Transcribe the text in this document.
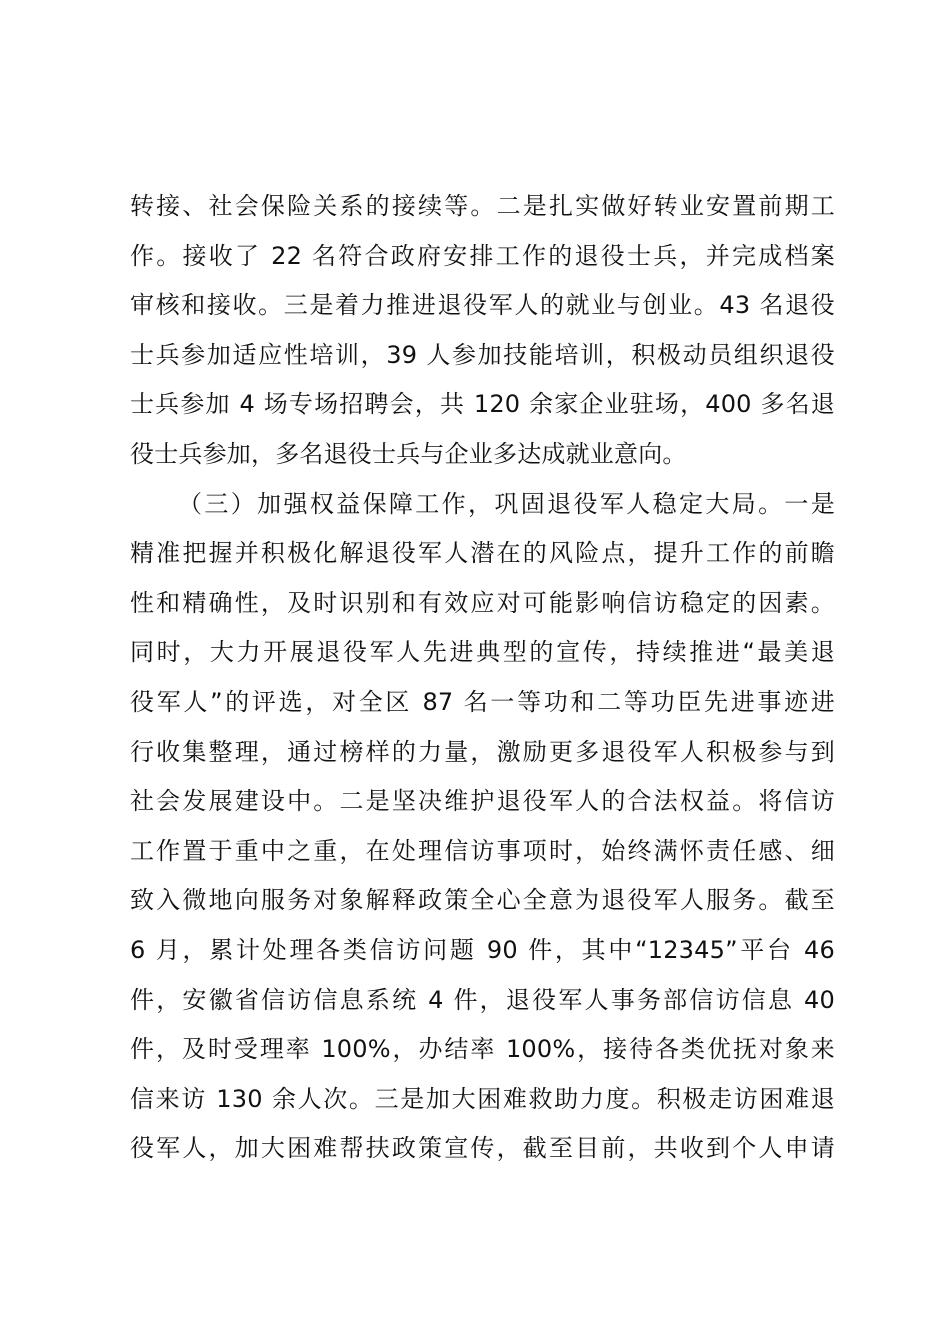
转接、社会保险关系的接续等。二是扎实做好转业安置前期工
作。接收了 22 名符合政府安排工作的退役士兵，并完成档案
审核和接收。三是着力推进退役军人的就业与创业。43 名退役
士兵参加适应性培训，39 人参加技能培训，积极动员组织退役
士兵参加 4 场专场招聘会，共 120 余家企业驻场，400 多名退
役士兵参加，多名退役士兵与企业多达成就业意向。
（三）加强权益保障工作，巩固退役军人稳定大局。一是
精准把握并积极化解退役军人潜在的风险点，提升工作的前瞻
性和精确性，及时识别和有效应对可能影响信访稳定的因素。
同时，大力开展退役军人先进典型的宣传，持续推进“最美退
役军人”的评选，对全区 87 名一等功和二等功臣先进事迹进
行收集整理，通过榜样的力量，激励更多退役军人积极参与到
社会发展建设中。二是坚决维护退役军人的合法权益。将信访
工作置于重中之重，在处理信访事项时，始终满怀责任感、细
致入微地向服务对象解释政策全心全意为退役军人服务。截至
6 月，累计处理各类信访问题 90 件，其中“12345”平台 46
件，安徽省信访信息系统 4 件，退役军人事务部信访信息 40
件，及时受理率 100%，办结率 100%，接待各类优抚对象来
信来访 130 余人次。三是加大困难救助力度。积极走访困难退
役军人，加大困难帮扶政策宣传，截至目前，共收到个人申请
